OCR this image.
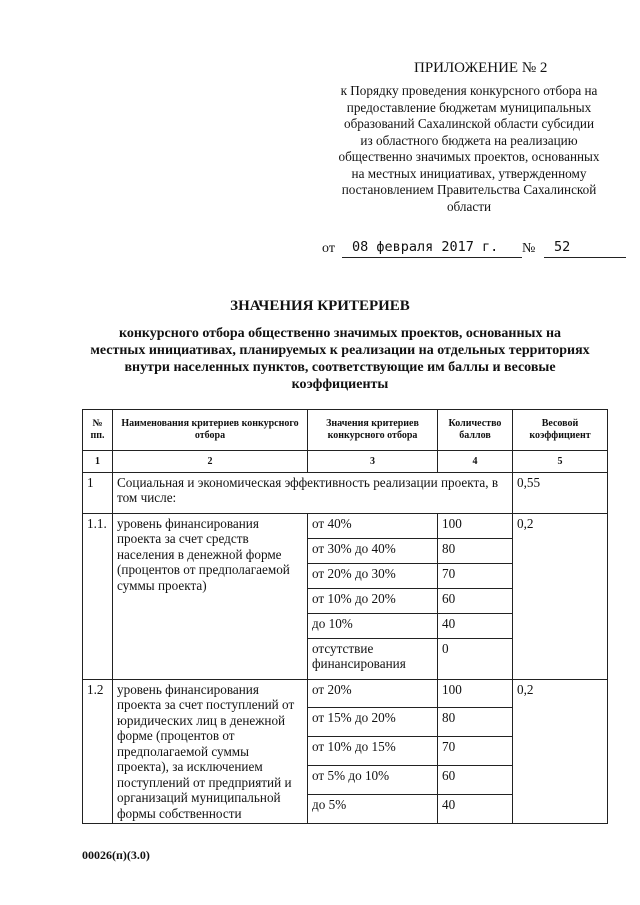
ПРИЛОЖЕНИЕ № 2
к Порядку проведения конкурсного отбора на предоставление бюджетам муниципальных образований Сахалинской области субсидии из областного бюджета на реализацию общественно значимых проектов, основанных на местных инициативах, утвержденному постановлением Правительства Сахалинской области
от	08 февраля 2017 г.	№	52
ЗНАЧЕНИЯ КРИТЕРИЕВ
конкурсного отбора общественно значимых проектов, основанных на местных инициативах, планируемых к реализации на отдельных территориях внутри населенных пунктов, соответствующие им баллы и весовые коэффициенты
№ пп.	Наименования критериев конкурсного отбора	Значения критериев конкурсного отбора	Количество баллов	Весовой коэффициент
1	2	3	4	5
1	Социальная и экономическая эффективность реализации проекта, в том числе:			0,55
1.1.	уровень финансирования проекта за счет средств населения в денежной форме (процентов от предполагаемой суммы проекта)	от 40%	100	0,2
		от 30% до 40%	80	
		от 20% до 30%	70	
		от 10% до 20%	60	
		до 10%	40	
		отсутствие финансирования	0	
1.2	уровень финансирования проекта за счет поступлений от юридических лиц в денежной форме (процентов от предполагаемой суммы проекта), за исключением поступлений от предприятий и организаций муниципальной формы собственности	от 20%	100	0,2
		от 15% до 20%	80	
		от 10% до 15%	70	
		от 5% до 10%	60	
		до 5%	40	
00026(п)(3.0)
